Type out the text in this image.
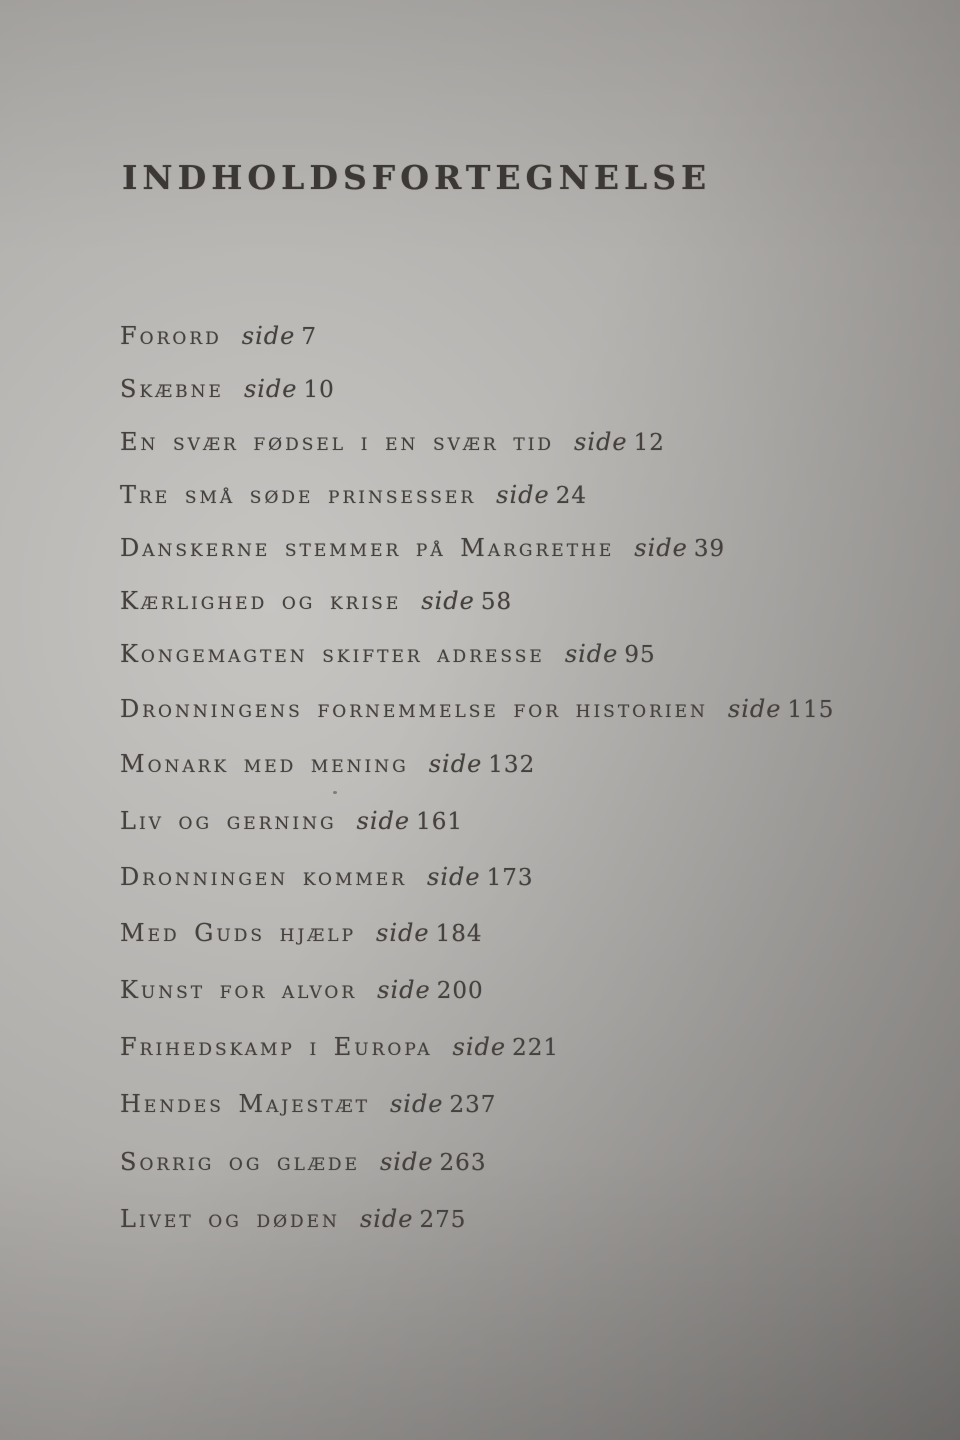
INDHOLDSFORTEGNELSE
Forord side 7
Skæbne side 10
En svær fødsel i en svær tid side 12
Tre små søde prinsesser side 24
Danskerne stemmer på Margrethe side 39
Kærlighed og krise side 58
Kongemagten skifter adresse side 95
Dronningens fornemmelse for historien side 115
Monark med mening side 132
Liv og gerning side 161
Dronningen kommer side 173
Med Guds hjælp side 184
Kunst for alvor side 200
Frihedskamp i Europa side 221
Hendes Majestæt side 237
Sorrig og glæde side 263
Livet og døden side 275
